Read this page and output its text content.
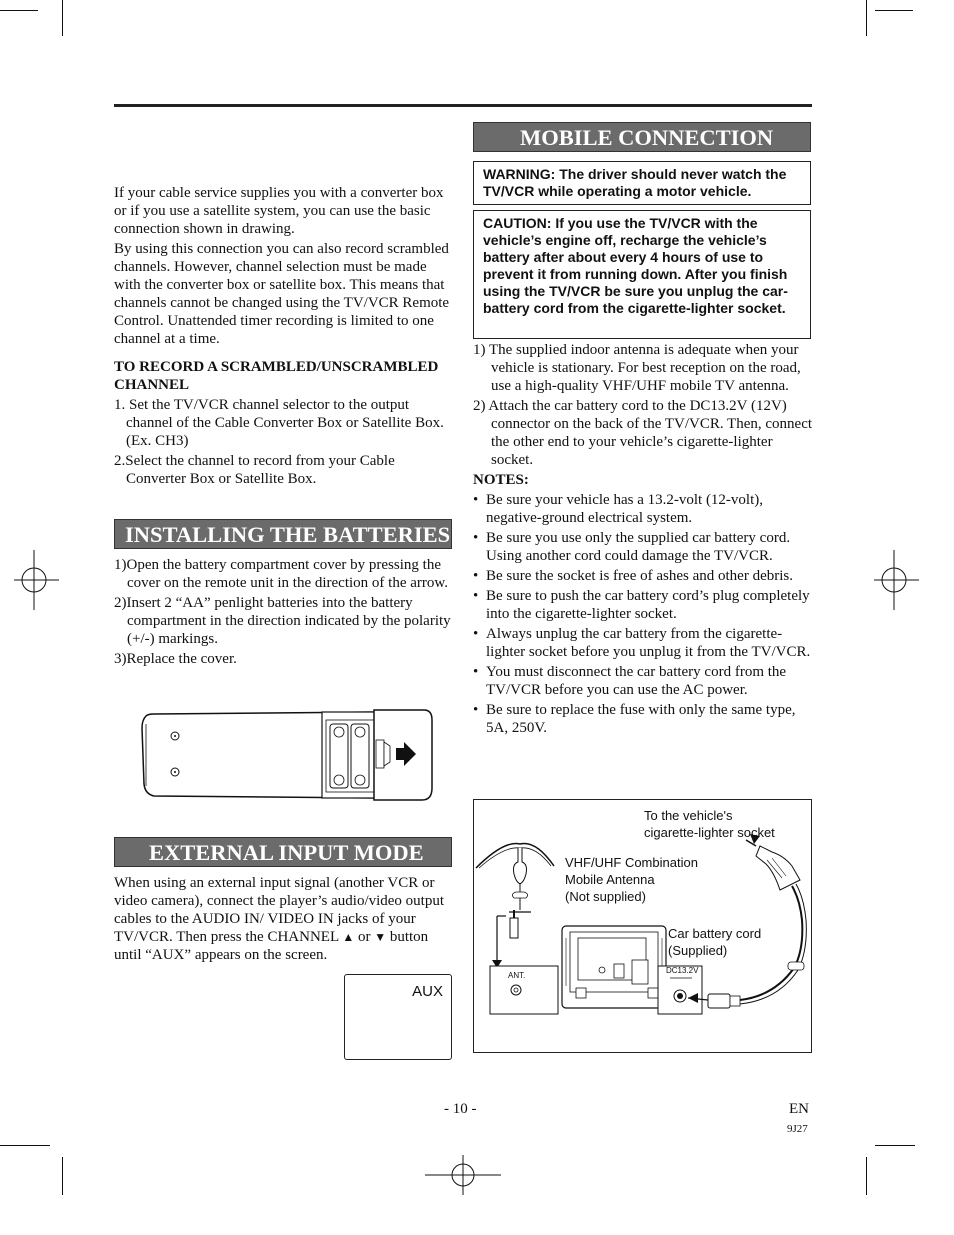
If your cable service supplies you with a converter box or if you use a satellite system, you can use the basic connection shown in drawing.

By using this connection you can also record scrambled channels. However, channel selection must be made with the converter box or satellite box. This means that channels cannot be changed using the TV/VCR Remote Control. Unattended timer recording is limited to one channel at a time.

TO RECORD A SCRAMBLED/UNSCRAMBLED CHANNEL

1. Set the TV/VCR channel selector to the output channel of the Cable Converter Box or Satellite Box. (Ex. CH3)

2.Select the channel to record from your Cable Converter Box or Satellite Box.

INSTALLING THE BATTERIES

1)Open the battery compartment cover by pressing the cover on the remote unit in the direction of the arrow.

2)Insert 2 “AA” penlight batteries into the battery compartment in the direction indicated by the polarity (+/-) markings.

3)Replace the cover.

EXTERNAL INPUT MODE
When using an external input signal (another VCR or video camera), connect the player’s audio/video output cables to the AUDIO IN/ VIDEO IN jacks of your TV/VCR. Then press the CHANNEL ▲ or ▼ button until “AUX” appears on the screen.
AUX
MOBILE CONNECTION
WARNING: The driver should never watch the TV/VCR while operating a motor vehicle.
CAUTION: If you use the TV/VCR with the vehicle’s engine off, recharge the vehicle’s battery after about every 4 hours of use to prevent it from running down. After you finish using the TV/VCR be sure you unplug the car-battery cord from the cigarette-lighter socket.

1) The supplied indoor antenna is adequate when your vehicle is stationary. For best reception on the road, use a high-quality VHF/UHF mobile TV antenna.

2) Attach the car battery cord to the DC13.2V (12V) connector on the back of the TV/VCR. Then, connect the other end to your vehicle’s cigarette-lighter socket.

NOTES:
• Be sure your vehicle has a 13.2-volt (12-volt), negative-ground electrical system.
• Be sure you use only the supplied car battery cord. Using another cord could damage the TV/VCR.
• Be sure the socket is free of ashes and other debris.
• Be sure to push the car battery cord’s plug completely into the cigarette-lighter socket.
• Always unplug the car battery from the cigarette-lighter socket before you unplug it from the TV/VCR.
• You must disconnect the car battery cord from the TV/VCR before you can use the AC power.
• Be sure to replace the fuse with only the same type, 5A, 250V.
To the vehicle's
cigarette-lighter socket
VHF/UHF Combination
Mobile Antenna
(Not supplied)
Car battery cord
(Supplied)
ANT.
DC13.2V
- 10 -	EN
9J27
